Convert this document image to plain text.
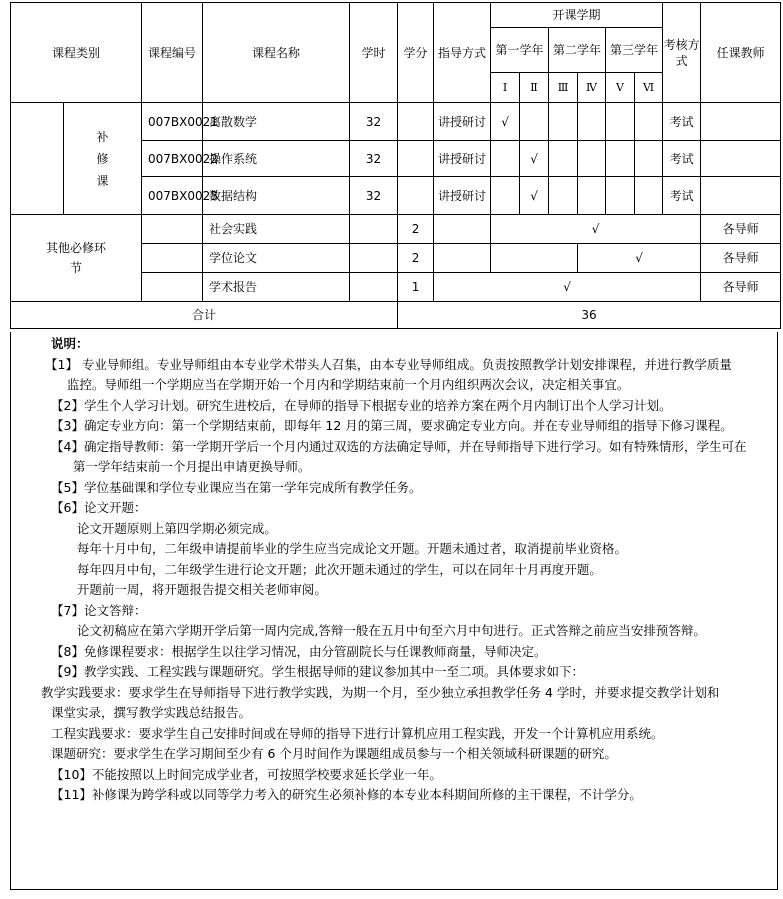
课程类别		课程编号	课程名称	学时	学分	指导方式	开课学期						考核方式	任课教师
							第一学年		第二学年		第三学年			
							Ⅰ	Ⅱ	Ⅲ	Ⅳ	Ⅴ	Ⅵ		
	补修课	007BX0021	离散数学	32		讲授研讨	√						考试	
		007BX0022	操作系统	32		讲授研讨		√					考试	
		007BX0023	数据结构	32		讲授研讨		√					考试	
其他必修环节			社会实践		2		√							各导师
			学位论文		2					√				各导师
			学术报告		1	√								各导师
合计					36									

说明：

【1】 专业导师组。专业导师组由本专业学术带头人召集，由本专业导师组成。负责按照教学计划安排课程，并进行教学质量

监控。导师组一个学期应当在学期开始一个月内和学期结束前一个月内组织两次会议，决定相关事宜。

【2】学生个人学习计划。研究生进校后，在导师的指导下根据专业的培养方案在两个月内制订出个人学习计划。

【3】确定专业方向：第一个学期结束前，即每年 12 月的第三周，要求确定专业方向。并在专业导师组的指导下修习课程。

【4】确定指导教师：第一学期开学后一个月内通过双选的方法确定导师，并在导师指导下进行学习。如有特殊情形，学生可在

第一学年结束前一个月提出申请更换导师。

【5】学位基础课和学位专业课应当在第一学年完成所有教学任务。

【6】论文开题：

论文开题原则上第四学期必须完成。

每年十月中旬，二年级申请提前毕业的学生应当完成论文开题。开题未通过者，取消提前毕业资格。

每年四月中旬，二年级学生进行论文开题；此次开题未通过的学生，可以在同年十月再度开题。

开题前一周，将开题报告提交相关老师审阅。

【7】论文答辩：

论文初稿应在第六学期开学后第一周内完成,答辩一般在五月中旬至六月中旬进行。正式答辩之前应当安排预答辩。

【8】免修课程要求：根据学生以往学习情况，由分管副院长与任课教师商量，导师决定。

【9】教学实践、工程实践与课题研究。学生根据导师的建议参加其中一至二项。具体要求如下：

教学实践要求：要求学生在导师指导下进行教学实践，为期一个月，至少独立承担教学任务 4 学时，并要求提交教学计划和

课堂实录，撰写教学实践总结报告。

工程实践要求：要求学生自己安排时间或在导师的指导下进行计算机应用工程实践，开发一个计算机应用系统。

课题研究：要求学生在学习期间至少有 6 个月时间作为课题组成员参与一个相关领域科研课题的研究。

【10】不能按照以上时间完成学业者，可按照学校要求延长学业一年。

【11】补修课为跨学科或以同等学力考入的研究生必须补修的本专业本科期间所修的主干课程，不计学分。
